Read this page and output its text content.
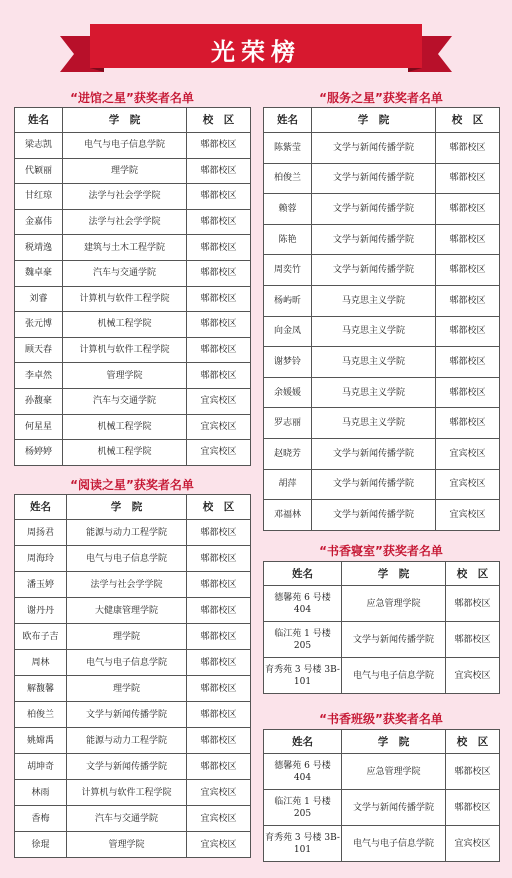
光荣榜
“进馆之星”获奖者名单
姓名	学　院	校　区
梁志凯	电气与电子信息学院	郫都校区
代颖丽	理学院	郫都校区
甘红琼	法学与社会学学院	郫都校区
金嘉伟	法学与社会学学院	郫都校区
税靖逸	建筑与土木工程学院	郫都校区
魏卓豪	汽车与交通学院	郫都校区
刘睿	计算机与软件工程学院	郫都校区
张元博	机械工程学院	郫都校区
顾天春	计算机与软件工程学院	郫都校区
李卓然	管理学院	郫都校区
孙馥豪	汽车与交通学院	宜宾校区
何星星	机械工程学院	宜宾校区
杨婷婷	机械工程学院	宜宾校区
“服务之星”获奖者名单
姓名	学　院	校　区
陈紫莹	文学与新闻传播学院	郫都校区
柏俊兰	文学与新闻传播学院	郫都校区
赖蓉	文学与新闻传播学院	郫都校区
陈艳	文学与新闻传播学院	郫都校区
周奕竹	文学与新闻传播学院	郫都校区
杨屿昕	马克思主义学院	郫都校区
向金凤	马克思主义学院	郫都校区
谢梦铃	马克思主义学院	郫都校区
余媛媛	马克思主义学院	郫都校区
罗志丽	马克思主义学院	郫都校区
赵晓芳	文学与新闻传播学院	宜宾校区
胡萍	文学与新闻传播学院	宜宾校区
邓福林	文学与新闻传播学院	宜宾校区
“阅读之星”获奖者名单
姓名	学　院	校　区
周扬君	能源与动力工程学院	郫都校区
周海玲	电气与电子信息学院	郫都校区
潘玉婷	法学与社会学学院	郫都校区
谢丹丹	大健康管理学院	郫都校区
欧布子吉	理学院	郫都校区
周林	电气与电子信息学院	郫都校区
解馥馨	理学院	郫都校区
柏俊兰	文学与新闻传播学院	郫都校区
姚嫦禹	能源与动力工程学院	郫都校区
胡坤奇	文学与新闻传播学院	郫都校区
林雨	计算机与软件工程学院	宜宾校区
香梅	汽车与交通学院	宜宾校区
徐琨	管理学院	宜宾校区
“书香寝室”获奖者名单
姓名	学　院	校　区
德馨苑 6 号楼 404	应急管理学院	郫都校区
临江苑 1 号楼 205	文学与新闻传播学院	郫都校区
育秀苑 3 号楼 3B-101	电气与电子信息学院	宜宾校区
“书香班级”获奖者名单
姓名	学　院	校　区
德馨苑 6 号楼 404	应急管理学院	郫都校区
临江苑 1 号楼 205	文学与新闻传播学院	郫都校区
育秀苑 3 号楼 3B-101	电气与电子信息学院	宜宾校区
